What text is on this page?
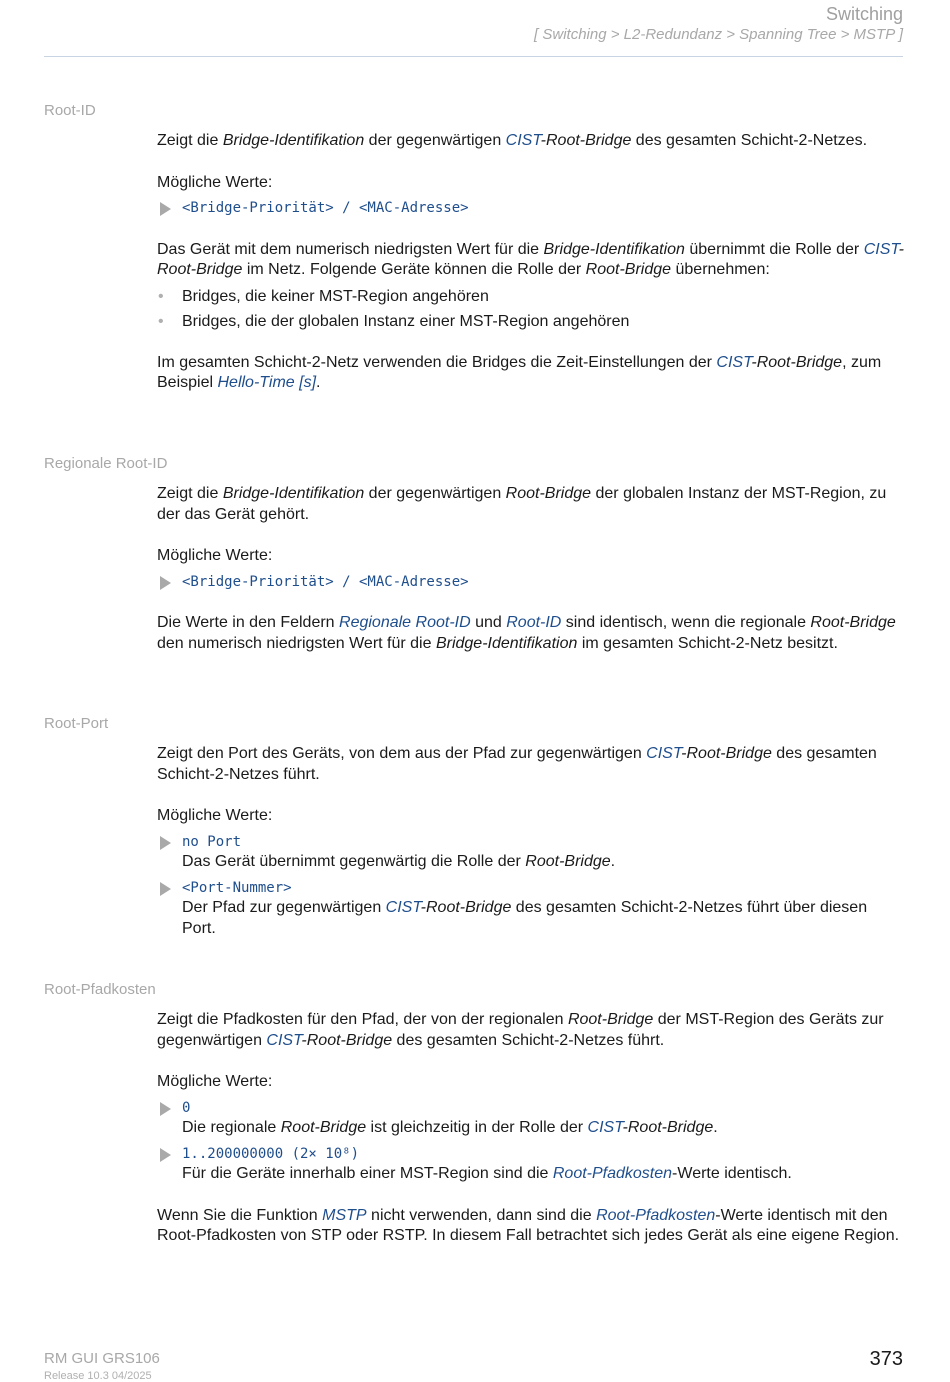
Switching
[ Switching > L2-Redundanz > Spanning Tree > MSTP ]
Root-ID

Zeigt die Bridge-Identifikation der gegenwärtigen CIST-Root-Bridge des gesamten Schicht-2-Netzes.

Mögliche Werte:

<Bridge-Priorität> / <MAC-Adresse>

Das Gerät mit dem numerisch niedrigsten Wert für die Bridge-Identifikation übernimmt die Rolle der CIST-Root-Bridge im Netz. Folgende Geräte können die Rolle der Root-Bridge übernehmen:

• Bridges, die keiner MST-Region angehören
• Bridges, die der globalen Instanz einer MST-Region angehören

Im gesamten Schicht-2-Netz verwenden die Bridges die Zeit-Einstellungen der CIST-Root-Bridge, zum Beispiel Hello-Time [s].

Regionale Root-ID

Zeigt die Bridge-Identifikation der gegenwärtigen Root-Bridge der globalen Instanz der MST-Region, zu der das Gerät gehört.

Mögliche Werte:

<Bridge-Priorität> / <MAC-Adresse>

Die Werte in den Feldern Regionale Root-ID und Root-ID sind identisch, wenn die regionale Root-Bridge den numerisch niedrigsten Wert für die Bridge-Identifikation im gesamten Schicht-2-Netz besitzt.

Root-Port

Zeigt den Port des Geräts, von dem aus der Pfad zur gegenwärtigen CIST-Root-Bridge des gesamten Schicht-2-Netzes führt.

Mögliche Werte:

no Port
Das Gerät übernimmt gegenwärtig die Rolle der Root-Bridge.
<Port-Nummer>
Der Pfad zur gegenwärtigen CIST-Root-Bridge des gesamten Schicht-2-Netzes führt über diesen Port.
Root-Pfadkosten

Zeigt die Pfadkosten für den Pfad, der von der regionalen Root-Bridge der MST-Region des Geräts zur gegenwärtigen CIST-Root-Bridge des gesamten Schicht-2-Netzes führt.

Mögliche Werte:

0
Die regionale Root-Bridge ist gleichzeitig in der Rolle der CIST-Root-Bridge.
1..200000000 (2× 10⁸)
Für die Geräte innerhalb einer MST-Region sind die Root-Pfadkosten-Werte identisch.

Wenn Sie die Funktion MSTP nicht verwenden, dann sind die Root-Pfadkosten-Werte identisch mit den Root-Pfadkosten von STP oder RSTP. In diesem Fall betrachtet sich jedes Gerät als eine eigene Region.

RM GUI GRS106
Release 10.3 04/2025
373
